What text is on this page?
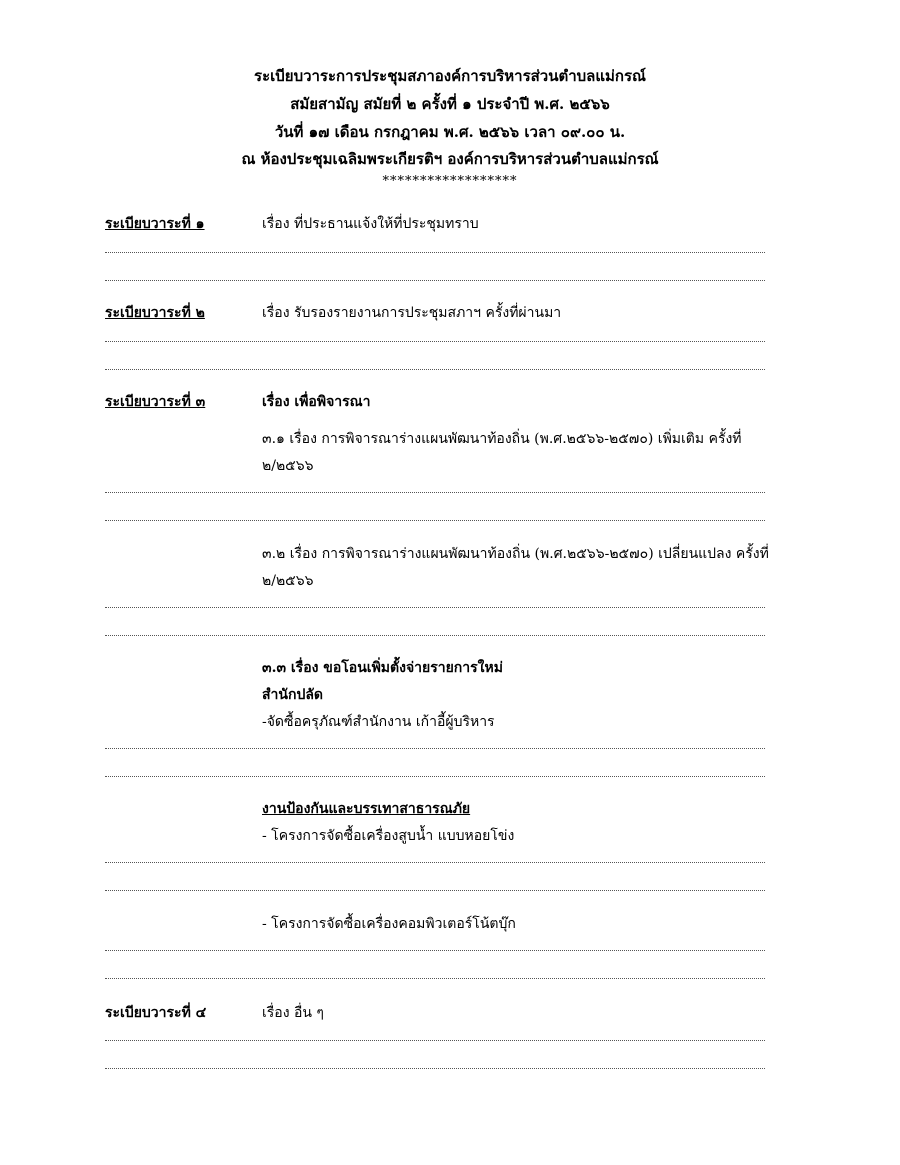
ระเบียบวาระการประชุมสภาองค์การบริหารส่วนตำบลแม่กรณ์
สมัยสามัญ สมัยที่ ๒ ครั้งที่ ๑ ประจำปี พ.ศ. ๒๕๖๖
วันที่ ๑๗ เดือน กรกฎาคม พ.ศ. ๒๕๖๖ เวลา ๐๙.๐๐ น.
ณ ห้องประชุมเฉลิมพระเกียรติฯ องค์การบริหารส่วนตำบลแม่กรณ์
******************
ระเบียบวาระที่ ๑	เรื่อง ที่ประธานแจ้งให้ที่ประชุมทราบ
ระเบียบวาระที่ ๒	เรื่อง รับรองรายงานการประชุมสภาฯ ครั้งที่ผ่านมา
ระเบียบวาระที่ ๓	เรื่อง เพื่อพิจารณา
๓.๑ เรื่อง การพิจารณาร่างแผนพัฒนาท้องถิ่น (พ.ศ.๒๕๖๖-๒๕๗๐) เพิ่มเติม ครั้งที่
๒/๒๕๖๖
๓.๒ เรื่อง การพิจารณาร่างแผนพัฒนาท้องถิ่น (พ.ศ.๒๕๖๖-๒๕๗๐) เปลี่ยนแปลง ครั้งที่
๒/๒๕๖๖
๓.๓ เรื่อง ขอโอนเพิ่มตั้งจ่ายรายการใหม่
สำนักปลัด
-จัดซื้อครุภัณฑ์สำนักงาน เก้าอี้ผู้บริหาร
งานป้องกันและบรรเทาสาธารณภัย
- โครงการจัดซื้อเครื่องสูบน้ำ แบบหอยโข่ง
- โครงการจัดซื้อเครื่องคอมพิวเตอร์โน้ตบุ๊ก
ระเบียบวาระที่ ๔	เรื่อง อื่น ๆ
